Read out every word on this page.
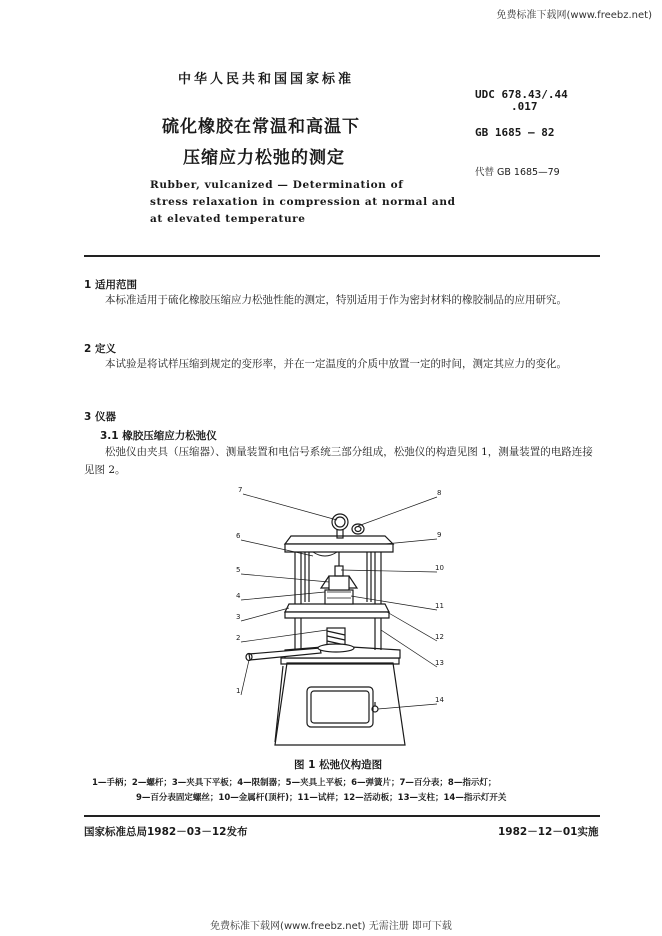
免费标准下载网(www.freebz.net)
中华人民共和国国家标准
硫化橡胶在常温和高温下
压缩应力松弛的测定
Rubber, vulcanized — Determination of
stress relaxation in compression at normal and
at elevated temperature
UDC 678.43/.44
.017
GB 1685 — 82
代替 GB 1685—79
1 适用范围
本标准适用于硫化橡胶压缩应力松弛性能的测定，特别适用于作为密封材料的橡胶制品的应用研究。
2 定义
本试验是将试样压缩到规定的变形率，并在一定温度的介质中放置一定的时间，测定其应力的变化。
3 仪器
3.1 橡胶压缩应力松弛仪
松弛仪由夹具（压缩器）、测量装置和电信号系统三部分组成，松弛仪的构造见图 1，测量装置的电路连接见图 2。
7	8
6	9
5	10
4
3
11
2	12
13
1
14
图 1 松弛仪构造图
1—手柄；2—螺杆；3—夹具下平板；4—限制器；5—夹具上平板；6—弹簧片；7—百分表；8—指示灯；
9—百分表固定螺丝；10—金属杆(顶杆)；11—试样；12—活动板；13—支柱；14—指示灯开关
国家标准总局1982－03－12发布	1982－12－01实施
免费标准下载网(www.freebz.net) 无需注册 即可下载
